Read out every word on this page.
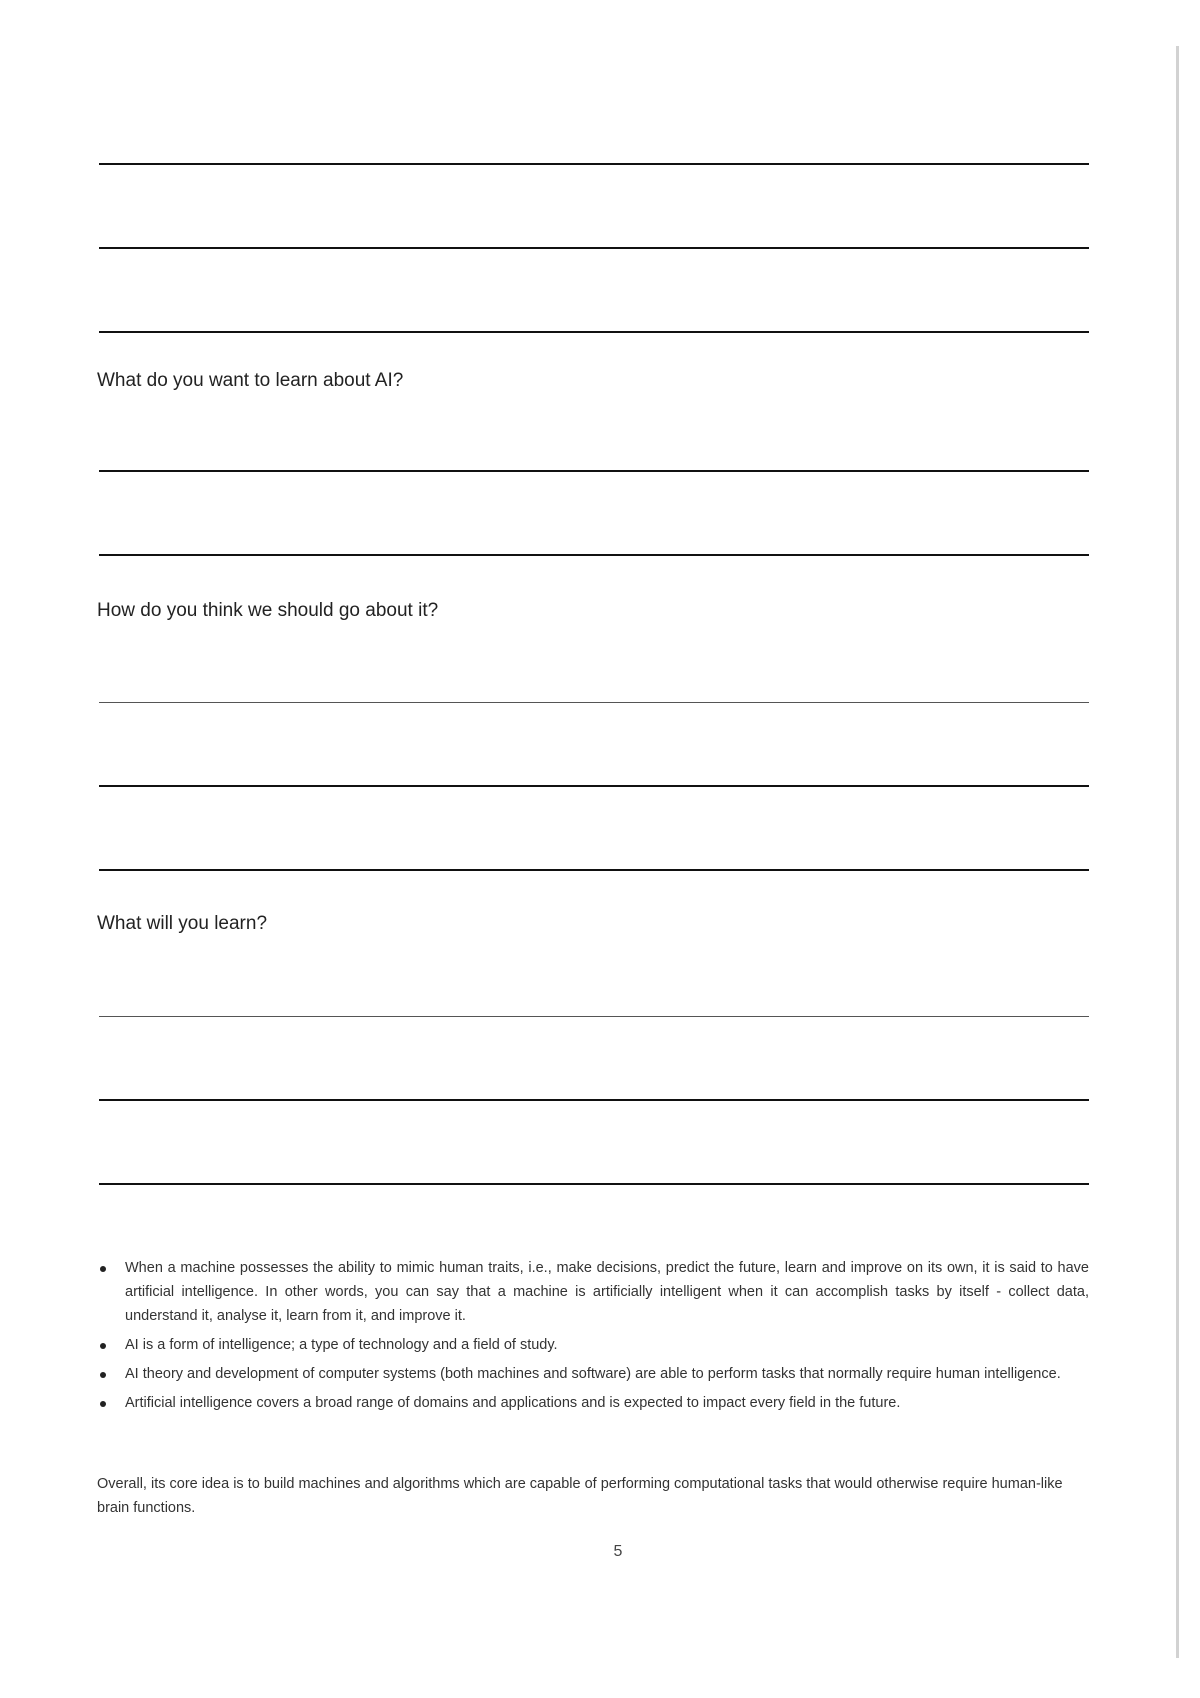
What do you want to learn about AI?
How do you think we should go about it?
What will you learn?
When a machine possesses the ability to mimic human traits, i.e., make decisions, predict the future, learn and improve on its own, it is said to have artificial intelligence. In other words, you can say that a machine is artificially intelligent when it can accomplish tasks by itself - collect data, understand it, analyse it, learn from it, and improve it.
AI is a form of intelligence; a type of technology and a field of study.
AI theory and development of computer systems (both machines and software) are able to perform tasks that normally require human intelligence.
Artificial intelligence covers a broad range of domains and applications and is expected to impact every field in the future.

Overall, its core idea is to build machines and algorithms which are capable of performing computational tasks that would otherwise require human-like brain functions.

5
